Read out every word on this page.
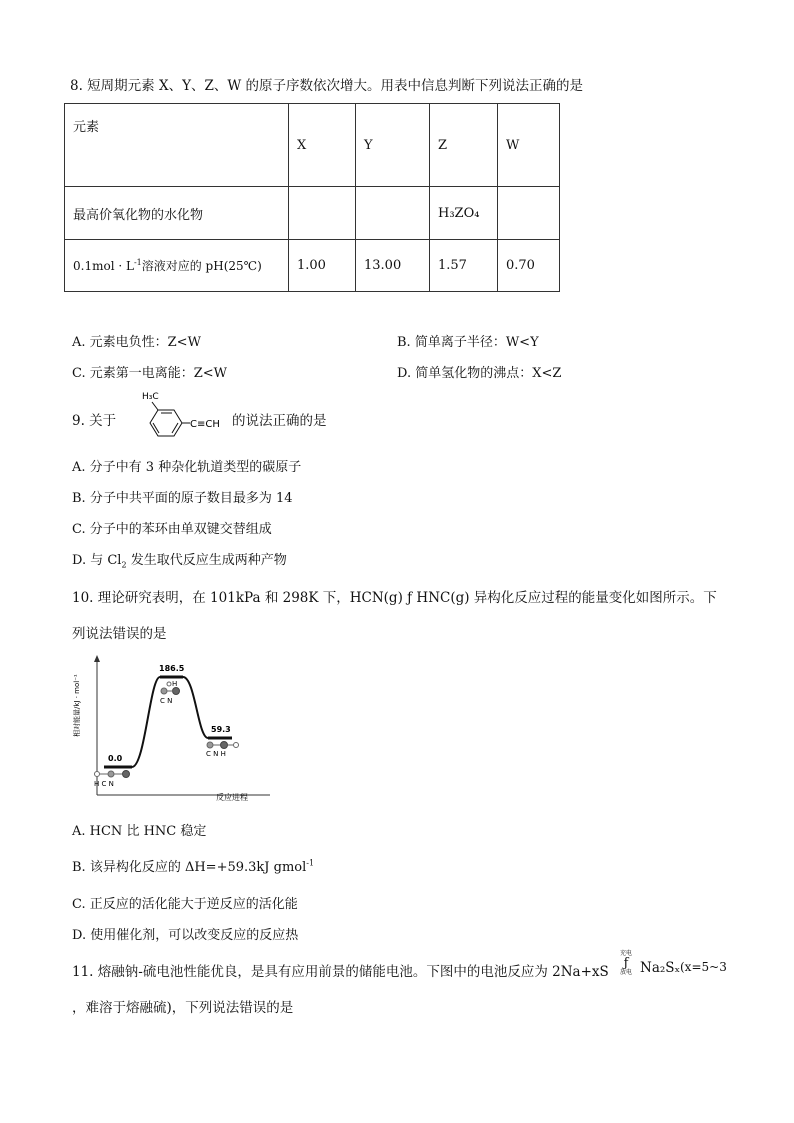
8. 短周期元素 X、Y、Z、W 的原子序数依次增大。用表中信息判断下列说法正确的是
元素	X	Y	Z	W
最高价氧化物的水化物			H₃ZO₄	
$0.1mol \cdot L^{-1}$溶液对应的 pH(25℃)	1.00	13.00	1.57	0.70
A. 元素电负性：Z<W	B. 简单离子半径：W<Y
C. 元素第一电离能：Z<W	D. 简单氢化物的沸点：X<Z
9. 关于
H₃C
C≡CH 的说法正确的是
A. 分子中有 3 种杂化轨道类型的碳原子
B. 分子中共平面的原子数目最多为 14
C. 分子中的苯环由单双键交替组成
D. 与 $Cl_2$ 发生取代反应生成两种产物
10. 理论研究表明，在 101kPa 和 298K 下，HCN(g) ƒ HNC(g) 异构化反应过程的能量变化如图所示。下
列说法错误的是
相对能量/kJ · mol⁻¹
反应进程
0.0
186.5
59.3
H C N
H
C N
C N H
A. HCN 比 HNC 稳定
B. 该异构化反应的 ΔH=+59.3kJ gmol$^{-1}$
C. 正反应的活化能大于逆反应的活化能
D. 使用催化剂，可以改变反应的反应热
11. 熔融钠-硫电池性能优良，是具有应用前景的储能电池。下图中的电池反应为 2Na+xS
充电
ƒ
放电 Na₂Sₓ (x=5~3
，难溶于熔融硫)，下列说法错误的是
